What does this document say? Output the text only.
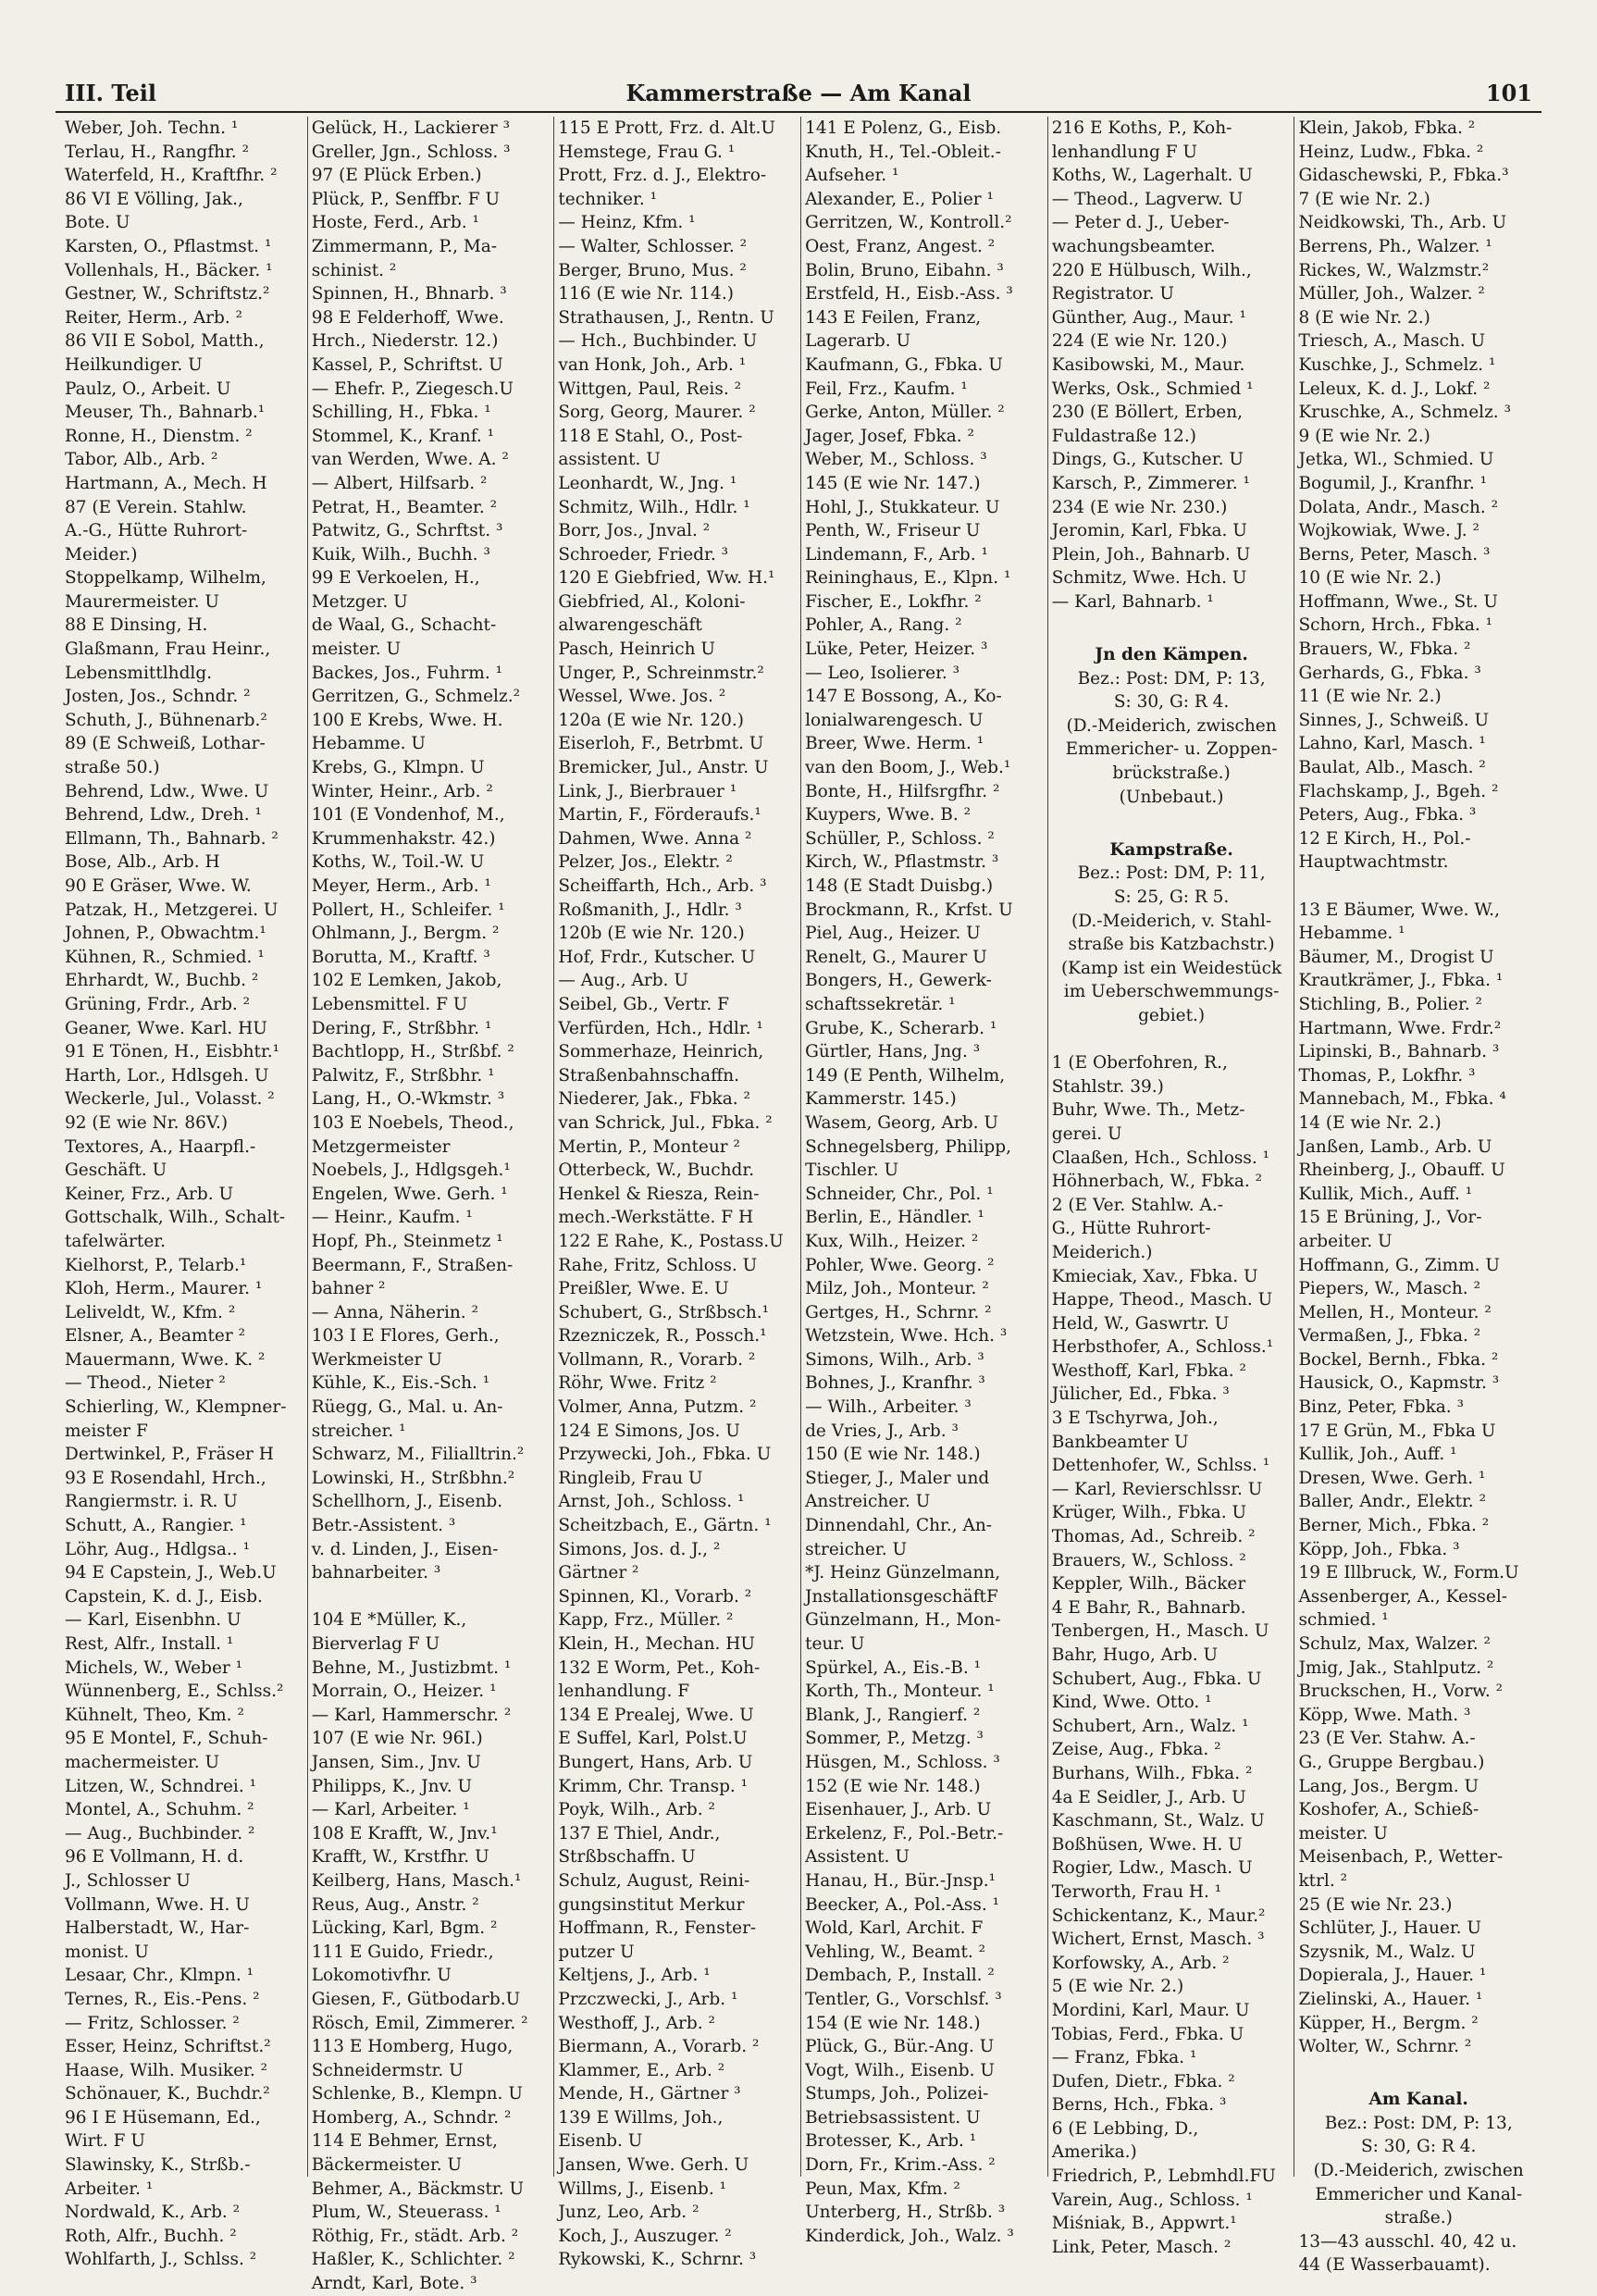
III. Teil	Kammerstraße — Am Kanal	101
Weber, Joh. Techn. ¹
Terlau, H., Rangfhr. ²
Waterfeld, H., Kraftfhr. ²
86 VI E Völling, Jak.,
Bote. U
Karsten, O., Pflastmst. ¹
Vollenhals, H., Bäcker. ¹
Gestner, W., Schriftstz.²
Reiter, Herm., Arb. ²
86 VII E Sobol, Matth.,
Heilkundiger. U
Paulz, O., Arbeit. U
Meuser, Th., Bahnarb.¹
Ronne, H., Dienstm. ²
Tabor, Alb., Arb. ²
Hartmann, A., Mech. H
87 (E Verein. Stahlw.
A.-G., Hütte Ruhrort-
Meider.)
Stoppelkamp, Wilhelm,
Maurermeister. U
88 E Dinsing, H.
Glaßmann, Frau Heinr.,
Lebensmittlhdlg.
Josten, Jos., Schndr. ²
Schuth, J., Bühnenarb.²
89 (E Schweiß, Lothar-
straße 50.)
Behrend, Ldw., Wwe. U
Behrend, Ldw., Dreh. ¹
Ellmann, Th., Bahnarb. ²
Bose, Alb., Arb. H
90 E Gräser, Wwe. W.
Patzak, H., Metzgerei. U
Johnen, P., Obwachtm.¹
Kühnen, R., Schmied. ¹
Ehrhardt, W., Buchb. ²
Grüning, Frdr., Arb. ²
Geaner, Wwe. Karl. HU
91 E Tönen, H., Eisbhtr.¹
Harth, Lor., Hdlsgeh. U
Weckerle, Jul., Volasst. ²
92 (E wie Nr. 86V.)
Textores, A., Haarpfl.-
Geschäft. U
Keiner, Frz., Arb. U
Gottschalk, Wilh., Schalt-
tafelwärter.
Kielhorst, P., Telarb.¹
Kloh, Herm., Maurer. ¹
Leliveldt, W., Kfm. ²
Elsner, A., Beamter ²
Mauermann, Wwe. K. ²
— Theod., Nieter ²
Schierling, W., Klempner-
meister F
Dertwinkel, P., Fräser H
93 E Rosendahl, Hrch.,
Rangiermstr. i. R. U
Schutt, A., Rangier. ¹
Löhr, Aug., Hdlgsa.. ¹
94 E Capstein, J., Web.U
Capstein, K. d. J., Eisb.
— Karl, Eisenbhn. U
Rest, Alfr., Install. ¹
Michels, W., Weber ¹
Wünnenberg, E., Schlss.²
Kühnelt, Theo, Km. ²
95 E Montel, F., Schuh-
machermeister. U
Litzen, W., Schndrei. ¹
Montel, A., Schuhm. ²
— Aug., Buchbinder. ²
96 E Vollmann, H. d.
J., Schlosser U
Vollmann, Wwe. H. U
Halberstadt, W., Har-
monist. U
Lesaar, Chr., Klmpn. ¹
Ternes, R., Eis.-Pens. ²
— Fritz, Schlosser. ²
Esser, Heinz, Schriftst.²
Haase, Wilh. Musiker. ²
Schönauer, K., Buchdr.²
96 I E Hüsemann, Ed.,
Wirt. F U
Slawinsky, K., Strßb.-
Arbeiter. ¹
Nordwald, K., Arb. ²
Roth, Alfr., Buchh. ²
Wohlfarth, J., Schlss. ²
Gelück, H., Lackierer ³
Greller, Jgn., Schloss. ³
97 (E Plück Erben.)
Plück, P., Senffbr. F U
Hoste, Ferd., Arb. ¹
Zimmermann, P., Ma-
schinist. ²
Spinnen, H., Bhnarb. ³
98 E Felderhoff, Wwe.
Hrch., Niederstr. 12.)
Kassel, P., Schriftst. U
— Ehefr. P., Ziegesch.U
Schilling, H., Fbka. ¹
Stommel, K., Kranf. ¹
van Werden, Wwe. A. ²
— Albert, Hilfsarb. ²
Petrat, H., Beamter. ²
Patwitz, G., Schrftst. ³
Kuik, Wilh., Buchh. ³
99 E Verkoelen, H.,
Metzger. U
de Waal, G., Schacht-
meister. U
Backes, Jos., Fuhrm. ¹
Gerritzen, G., Schmelz.²
100 E Krebs, Wwe. H.
Hebamme. U
Krebs, G., Klmpn. U
Winter, Heinr., Arb. ²
101 (E Vondenhof, M.,
Krummenhakstr. 42.)
Koths, W., Toil.-W. U
Meyer, Herm., Arb. ¹
Pollert, H., Schleifer. ¹
Ohlmann, J., Bergm. ²
Borutta, M., Kraftf. ³
102 E Lemken, Jakob,
Lebensmittel. F U
Dering, F., Strßbhr. ¹
Bachtlopp, H., Strßbf. ²
Palwitz, F., Strßbhr. ¹
Lang, H., O.-Wkmstr. ³
103 E Noebels, Theod.,
Metzgermeister
Noebels, J., Hdlgsgeh.¹
Engelen, Wwe. Gerh. ¹
— Heinr., Kaufm. ¹
Hopf, Ph., Steinmetz ¹
Beermann, F., Straßen-
bahner ²
— Anna, Näherin. ²
103 I E Flores, Gerh.,
Werkmeister U
Kühle, K., Eis.-Sch. ¹
Rüegg, G., Mal. u. An-
streicher. ¹
Schwarz, M., Filialltrin.²
Lowinski, H., Strßbhn.²
Schellhorn, J., Eisenb.
Betr.-Assistent. ³
v. d. Linden, J., Eisen-
bahnarbeiter. ³

104 E *Müller, K.,
Bierverlag F U
Behne, M., Justizbmt. ¹
Morrain, O., Heizer. ¹
— Karl, Hammerschr. ²
107 (E wie Nr. 96I.)
Jansen, Sim., Jnv. U
Philipps, K., Jnv. U
— Karl, Arbeiter. ¹
108 E Krafft, W., Jnv.¹
Krafft, W., Krstfhr. U
Keilberg, Hans, Masch.¹
Reus, Aug., Anstr. ²
Lücking, Karl, Bgm. ²
111 E Guido, Friedr.,
Lokomotivfhr. U
Giesen, F., Gütbodarb.U
Rösch, Emil, Zimmerer. ²
113 E Homberg, Hugo,
Schneidermstr. U
Schlenke, B., Klempn. U
Homberg, A., Schndr. ²
114 E Behmer, Ernst,
Bäckermeister. U
Behmer, A., Bäckmstr. U
Plum, W., Steuerass. ¹
Röthig, Fr., städt. Arb. ²
Haßler, K., Schlichter. ²
Arndt, Karl, Bote. ³
115 E Prott, Frz. d. Alt.U
Hemstege, Frau G. ¹
Prott, Frz. d. J., Elektro-
techniker. ¹
— Heinz, Kfm. ¹
— Walter, Schlosser. ²
Berger, Bruno, Mus. ²
116 (E wie Nr. 114.)
Strathausen, J., Rentn. U
— Hch., Buchbinder. U
van Honk, Joh., Arb. ¹
Wittgen, Paul, Reis. ²
Sorg, Georg, Maurer. ²
118 E Stahl, O., Post-
assistent. U
Leonhardt, W., Jng. ¹
Schmitz, Wilh., Hdlr. ¹
Borr, Jos., Jnval. ²
Schroeder, Friedr. ³
120 E Giebfried, Ww. H.¹
Giebfried, Al., Koloni-
alwarengeschäft
Pasch, Heinrich U
Unger, P., Schreinmstr.²
Wessel, Wwe. Jos. ²
120a (E wie Nr. 120.)
Eiserloh, F., Betrbmt. U
Bremicker, Jul., Anstr. U
Link, J., Bierbrauer ¹
Martin, F., Förderaufs.¹
Dahmen, Wwe. Anna ²
Pelzer, Jos., Elektr. ²
Scheiffarth, Hch., Arb. ³
Roßmanith, J., Hdlr. ³
120b (E wie Nr. 120.)
Hof, Frdr., Kutscher. U
— Aug., Arb. U
Seibel, Gb., Vertr. F
Verfürden, Hch., Hdlr. ¹
Sommerhaze, Heinrich,
Straßenbahnschaffn.
Niederer, Jak., Fbka. ²
van Schrick, Jul., Fbka. ²
Mertin, P., Monteur ²
Otterbeck, W., Buchdr.
Henkel & Riesza, Rein-
mech.-Werkstätte. F H
122 E Rahe, K., Postass.U
Rahe, Fritz, Schloss. U
Preißler, Wwe. E. U
Schubert, G., Strßbsch.¹
Rzezniczek, R., Possch.¹
Vollmann, R., Vorarb. ²
Röhr, Wwe. Fritz ²
Volmer, Anna, Putzm. ²
124 E Simons, Jos. U
Przywecki, Joh., Fbka. U
Ringleib, Frau U
Arnst, Joh., Schloss. ¹
Scheitzbach, E., Gärtn. ¹
Simons, Jos. d. J., ²
Gärtner ²
Spinnen, Kl., Vorarb. ²
Kapp, Frz., Müller. ²
Klein, H., Mechan. HU
132 E Worm, Pet., Koh-
lenhandlung. F
134 E Prealej, Wwe. U
E Suffel, Karl, Polst.U
Bungert, Hans, Arb. U
Krimm, Chr. Transp. ¹
Poyk, Wilh., Arb. ²
137 E Thiel, Andr.,
Strßbschaffn. U
Schulz, August, Reini-
gungsinstitut Merkur
Hoffmann, R., Fenster-
putzer U
Keltjens, J., Arb. ¹
Przczwecki, J., Arb. ¹
Westhoff, J., Arb. ²
Biermann, A., Vorarb. ²
Klammer, E., Arb. ²
Mende, H., Gärtner ³
139 E Willms, Joh.,
Eisenb. U
Jansen, Wwe. Gerh. U
Willms, J., Eisenb. ¹
Junz, Leo, Arb. ²
Koch, J., Auszuger. ²
Rykowski, K., Schrnr. ³
141 E Polenz, G., Eisb.
Knuth, H., Tel.-Obleit.-
Aufseher. ¹
Alexander, E., Polier ¹
Gerritzen, W., Kontroll.²
Oest, Franz, Angest. ²
Bolin, Bruno, Eibahn. ³
Erstfeld, H., Eisb.-Ass. ³
143 E Feilen, Franz,
Lagerarb. U
Kaufmann, G., Fbka. U
Feil, Frz., Kaufm. ¹
Gerke, Anton, Müller. ²
Jager, Josef, Fbka. ²
Weber, M., Schloss. ³
145 (E wie Nr. 147.)
Hohl, J., Stukkateur. U
Penth, W., Friseur U
Lindemann, F., Arb. ¹
Reininghaus, E., Klpn. ¹
Fischer, E., Lokfhr. ²
Pohler, A., Rang. ²
Lüke, Peter, Heizer. ³
— Leo, Isolierer. ³
147 E Bossong, A., Ko-
lonialwarengesch. U
Breer, Wwe. Herm. ¹
van den Boom, J., Web.¹
Bonte, H., Hilfsrgfhr. ²
Kuypers, Wwe. B. ²
Schüller, P., Schloss. ²
Kirch, W., Pflastmstr. ³
148 (E Stadt Duisbg.)
Brockmann, R., Krfst. U
Piel, Aug., Heizer. U
Renelt, G., Maurer U
Bongers, H., Gewerk-
schaftssekretär. ¹
Grube, K., Scherarb. ¹
Gürtler, Hans, Jng. ³
149 (E Penth, Wilhelm,
Kammerstr. 145.)
Wasem, Georg, Arb. U
Schnegelsberg, Philipp,
Tischler. U
Schneider, Chr., Pol. ¹
Berlin, E., Händler. ¹
Kux, Wilh., Heizer. ²
Pohler, Wwe. Georg. ²
Milz, Joh., Monteur. ²
Gertges, H., Schrnr. ²
Wetzstein, Wwe. Hch. ³
Simons, Wilh., Arb. ³
Bohnes, J., Kranfhr. ³
— Wilh., Arbeiter. ³
de Vries, J., Arb. ³
150 (E wie Nr. 148.)
Stieger, J., Maler und
Anstreicher. U
Dinnendahl, Chr., An-
streicher. U
*J. Heinz Günzelmann,
JnstallationsgeschäftF
Günzelmann, H., Mon-
teur. U
Spürkel, A., Eis.-B. ¹
Korth, Th., Monteur. ¹
Blank, J., Rangierf. ²
Sommer, P., Metzg. ³
Hüsgen, M., Schloss. ³
152 (E wie Nr. 148.)
Eisenhauer, J., Arb. U
Erkelenz, F., Pol.-Betr.-
Assistent. U
Hanau, H., Bür.-Jnsp.¹
Beecker, A., Pol.-Ass. ¹
Wold, Karl, Archit. F
Vehling, W., Beamt. ²
Dembach, P., Install. ²
Tentler, G., Vorschlsf. ³
154 (E wie Nr. 148.)
Plück, G., Bür.-Ang. U
Vogt, Wilh., Eisenb. U
Stumps, Joh., Polizei-
Betriebsassistent. U
Brotesser, K., Arb. ¹
Dorn, Fr., Krim.-Ass. ²
Peun, Max, Kfm. ²
Unterberg, H., Strßb. ³
Kinderdick, Joh., Walz. ³
216 E Koths, P., Koh-
lenhandlung F U
Koths, W., Lagerhalt. U
— Theod., Lagverw. U
— Peter d. J., Ueber-
wachungsbeamter.
220 E Hülbusch, Wilh.,
Registrator. U
Günther, Aug., Maur. ¹
224 (E wie Nr. 120.)
Kasibowski, M., Maur.
Werks, Osk., Schmied ¹
230 (E Böllert, Erben,
Fuldastraße 12.)
Dings, G., Kutscher. U
Karsch, P., Zimmerer. ¹
234 (E wie Nr. 230.)
Jeromin, Karl, Fbka. U
Plein, Joh., Bahnarb. U
Schmitz, Wwe. Hch. U
— Karl, Bahnarb. ¹

Jn den Kämpen.
Bez.: Post: DM, P: 13,
S: 30, G: R 4.
(D.-Meiderich, zwischen
Emmericher- u. Zoppen-
brückstraße.)
(Unbebaut.)

Kampstraße.
Bez.: Post: DM, P: 11,
S: 25, G: R 5.
(D.-Meiderich, v. Stahl-
straße bis Katzbachstr.)
(Kamp ist ein Weidestück
im Ueberschwemmungs-
gebiet.)

1 (E Oberfohren, R.,
Stahlstr. 39.)
Buhr, Wwe. Th., Metz-
gerei. U
Claaßen, Hch., Schloss. ¹
Höhnerbach, W., Fbka. ²
2 (E Ver. Stahlw. A.-
G., Hütte Ruhrort-
Meiderich.)
Kmieciak, Xav., Fbka. U
Happe, Theod., Masch. U
Held, W., Gaswrtr. U
Herbsthofer, A., Schloss.¹
Westhoff, Karl, Fbka. ²
Jülicher, Ed., Fbka. ³
3 E Tschyrwa, Joh.,
Bankbeamter U
Dettenhofer, W., Schlss. ¹
— Karl, Revierschlssr. U
Krüger, Wilh., Fbka. U
Thomas, Ad., Schreib. ²
Brauers, W., Schloss. ²
Keppler, Wilh., Bäcker
4 E Bahr, R., Bahnarb.
Tenbergen, H., Masch. U
Bahr, Hugo, Arb. U
Schubert, Aug., Fbka. U
Kind, Wwe. Otto. ¹
Schubert, Arn., Walz. ¹
Zeise, Aug., Fbka. ²
Burhans, Wilh., Fbka. ²
4a E Seidler, J., Arb. U
Kaschmann, St., Walz. U
Boßhüsen, Wwe. H. U
Rogier, Ldw., Masch. U
Terworth, Frau H. ¹
Schickentanz, K., Maur.²
Wichert, Ernst, Masch. ³
Korfowsky, A., Arb. ²
5 (E wie Nr. 2.)
Mordini, Karl, Maur. U
Tobias, Ferd., Fbka. U
— Franz, Fbka. ¹
Dufen, Dietr., Fbka. ²
Berns, Hch., Fbka. ³
6 (E Lebbing, D.,
Amerika.)
Friedrich, P., Lebmhdl.FU
Varein, Aug., Schloss. ¹
Miśniak, B., Appwrt.¹
Link, Peter, Masch. ²
Klein, Jakob, Fbka. ²
Heinz, Ludw., Fbka. ²
Gidaschewski, P., Fbka.³
7 (E wie Nr. 2.)
Neidkowski, Th., Arb. U
Berrens, Ph., Walzer. ¹
Rickes, W., Walzmstr.²
Müller, Joh., Walzer. ²
8 (E wie Nr. 2.)
Triesch, A., Masch. U
Kuschke, J., Schmelz. ¹
Leleux, K. d. J., Lokf. ²
Kruschke, A., Schmelz. ³
9 (E wie Nr. 2.)
Jetka, Wl., Schmied. U
Bogumil, J., Kranfhr. ¹
Dolata, Andr., Masch. ²
Wojkowiak, Wwe. J. ²
Berns, Peter, Masch. ³
10 (E wie Nr. 2.)
Hoffmann, Wwe., St. U
Schorn, Hrch., Fbka. ¹
Brauers, W., Fbka. ²
Gerhards, G., Fbka. ³
11 (E wie Nr. 2.)
Sinnes, J., Schweiß. U
Lahno, Karl, Masch. ¹
Baulat, Alb., Masch. ²
Flachskamp, J., Bgeh. ²
Peters, Aug., Fbka. ³
12 E Kirch, H., Pol.-
Hauptwachtmstr.

13 E Bäumer, Wwe. W.,
Hebamme. ¹
Bäumer, M., Drogist U
Krautkrämer, J., Fbka. ¹
Stichling, B., Polier. ²
Hartmann, Wwe. Frdr.²
Lipinski, B., Bahnarb. ³
Thomas, P., Lokfhr. ³
Mannebach, M., Fbka. ⁴
14 (E wie Nr. 2.)
Janßen, Lamb., Arb. U
Rheinberg, J., Obauff. U
Kullik, Mich., Auff. ¹
15 E Brüning, J., Vor-
arbeiter. U
Hoffmann, G., Zimm. U
Piepers, W., Masch. ²
Mellen, H., Monteur. ²
Vermaßen, J., Fbka. ²
Bockel, Bernh., Fbka. ²
Hausick, O., Kapmstr. ³
Binz, Peter, Fbka. ³
17 E Grün, M., Fbka U
Kullik, Joh., Auff. ¹
Dresen, Wwe. Gerh. ¹
Baller, Andr., Elektr. ²
Berner, Mich., Fbka. ²
Köpp, Joh., Fbka. ³
19 E Illbruck, W., Form.U
Assenberger, A., Kessel-
schmied. ¹
Schulz, Max, Walzer. ²
Jmig, Jak., Stahlputz. ²
Bruckschen, H., Vorw. ²
Köpp, Wwe. Math. ³
23 (E Ver. Stahw. A.-
G., Gruppe Bergbau.)
Lang, Jos., Bergm. U
Koshofer, A., Schieß-
meister. U
Meisenbach, P., Wetter-
ktrl. ²
25 (E wie Nr. 23.)
Schlüter, J., Hauer. U
Szysnik, M., Walz. U
Dopierala, J., Hauer. ¹
Zielinski, A., Hauer. ¹
Küpper, H., Bergm. ²
Wolter, W., Schrnr. ²

Am Kanal.
Bez.: Post: DM, P: 13,
S: 30, G: R 4.
(D.-Meiderich, zwischen
Emmericher und Kanal-
straße.)
13—43 ausschl. 40, 42 u.
44 (E Wasserbauamt).
